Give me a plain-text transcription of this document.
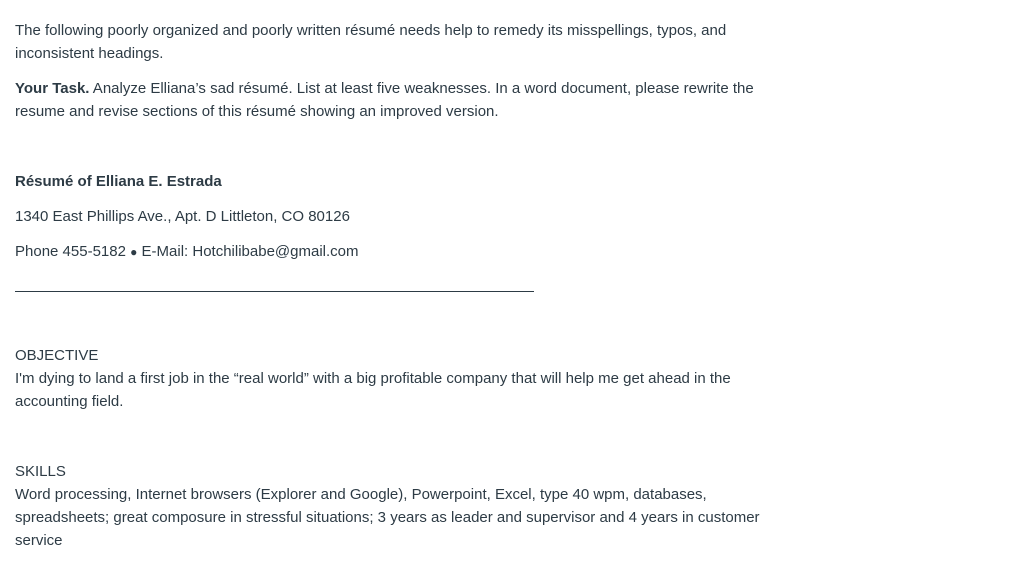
The following poorly organized and poorly written résumé needs help to remedy its misspellings, typos, and inconsistent headings.

Your Task. Analyze Elliana’s sad résumé. List at least five weaknesses. In a word document, please rewrite the resume and revise sections of this résumé showing an improved version.

Résumé of Elliana E. Estrada

1340 East Phillips Ave., Apt. D Littleton, CO 80126

Phone 455-5182 ● E-Mail: Hotchilibabe@gmail.com

OBJECTIVE

I'm dying to land a first job in the “real world” with a big profitable company that will help me get ahead in the accounting field.

SKILLS

Word processing, Internet browsers (Explorer and Google), Powerpoint, Excel, type 40 wpm, databases, spreadsheets; great composure in stressful situations; 3 years as leader and supervisor and 4 years in customer service
